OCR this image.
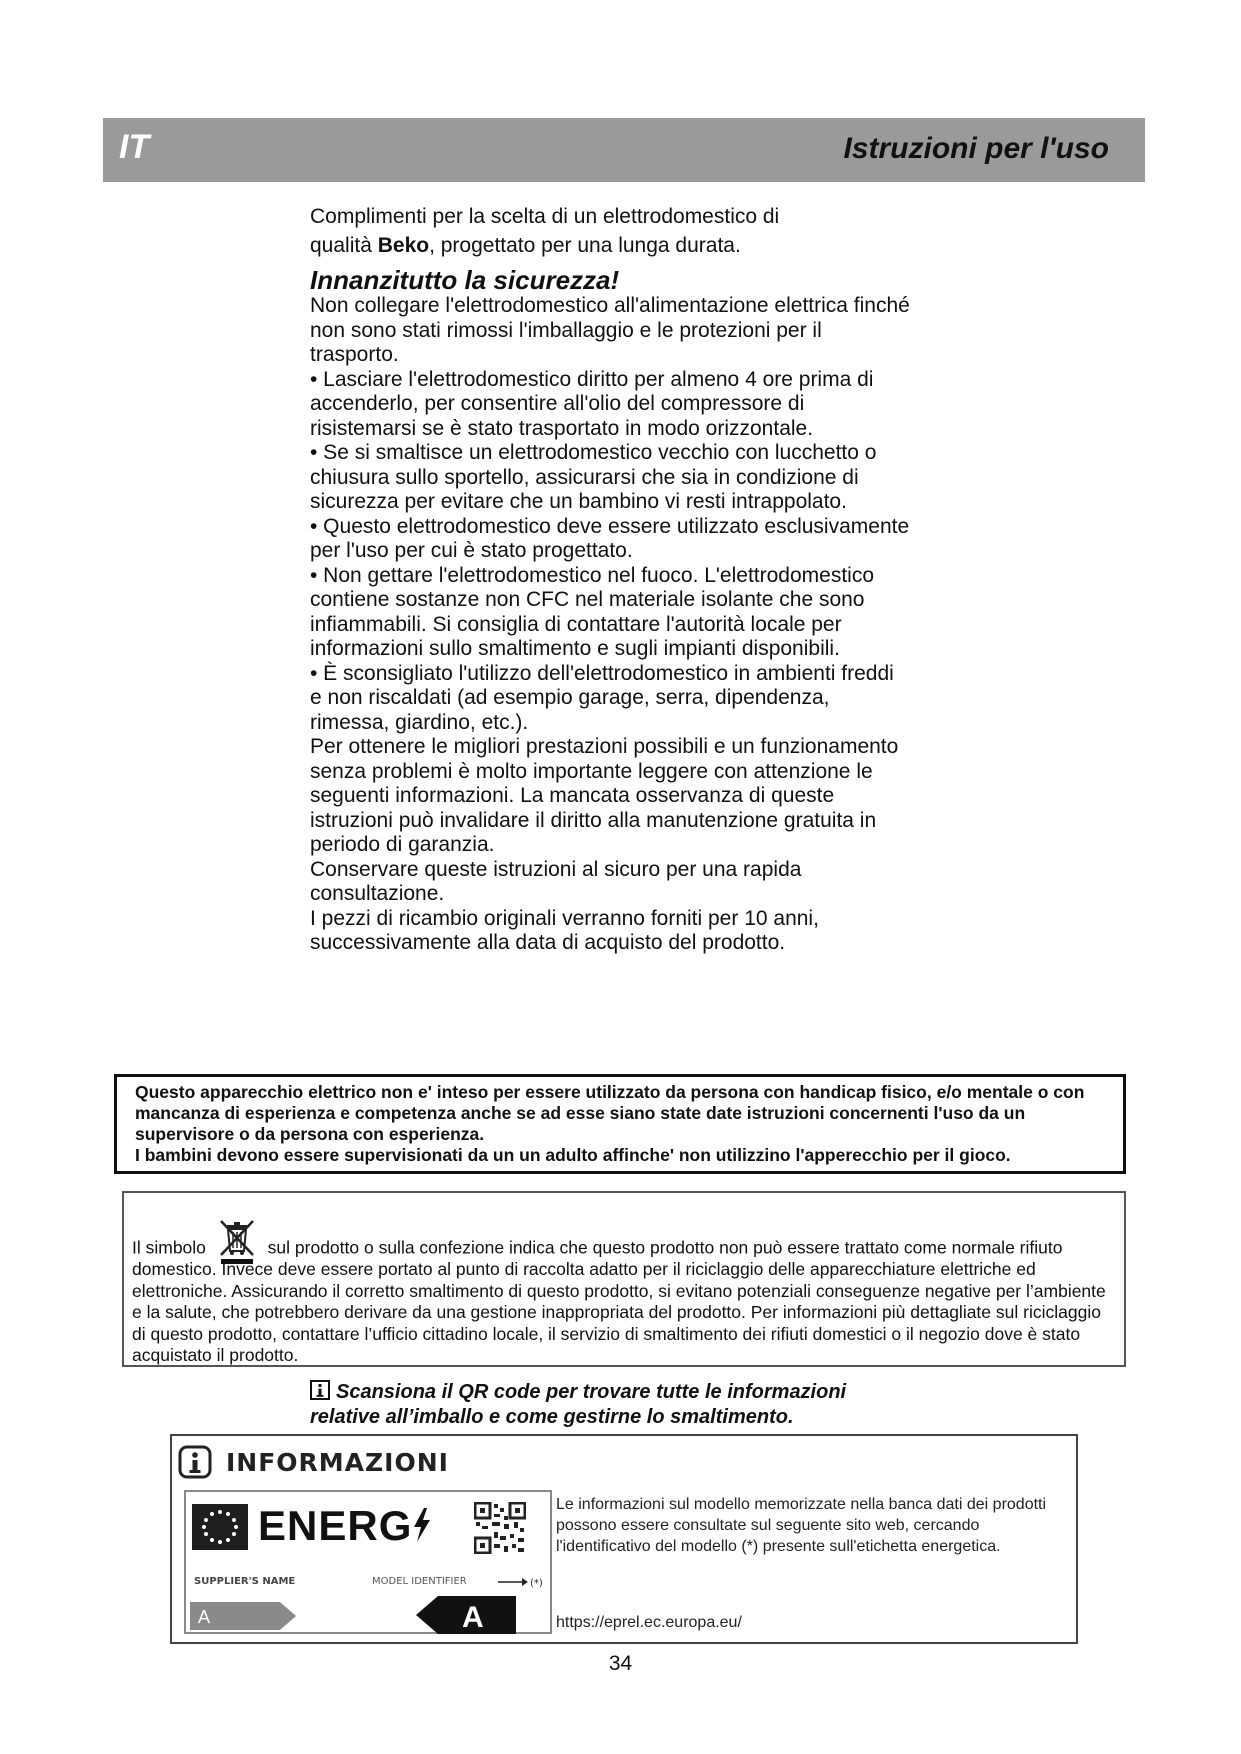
IT	Istruzioni per l'uso
Complimenti per la scelta di un elettrodomestico di
qualità Beko, progettato per una lunga durata.
Innanzitutto la sicurezza!

Non collegare l'elettrodomestico all'alimentazione elettrica finché non sono stati rimossi l'imballaggio e le protezioni per il trasporto.

• Lasciare l'elettrodomestico diritto per almeno 4 ore prima di accenderlo, per consentire all'olio del compressore di risistemarsi se è stato trasportato in modo orizzontale.

• Se si smaltisce un elettrodomestico vecchio con lucchetto o chiusura sullo sportello, assicurarsi che sia in condizione di sicurezza per evitare che un bambino vi resti intrappolato.

• Questo elettrodomestico deve essere utilizzato esclusivamente per l'uso per cui è stato progettato.

• Non gettare l'elettrodomestico nel fuoco. L'elettrodomestico contiene sostanze non CFC nel materiale isolante che sono infiammabili. Si consiglia di contattare l'autorità locale per informazioni sullo smaltimento e sugli impianti disponibili.

• È sconsigliato l'utilizzo dell'elettrodomestico in ambienti freddi e non riscaldati (ad esempio garage, serra, dipendenza, rimessa, giardino, etc.).

Per ottenere le migliori prestazioni possibili e un funzionamento senza problemi è molto importante leggere con attenzione le seguenti informazioni. La mancata osservanza di queste istruzioni può invalidare il diritto alla manutenzione gratuita in periodo di garanzia.

Conservare queste istruzioni al sicuro per una rapida consultazione.

I pezzi di ricambio originali verranno forniti per 10 anni, successivamente alla data di acquisto del prodotto.

Questo apparecchio elettrico non e' inteso per essere utilizzato da persona con handicap fisico, e/o mentale o con mancanza di esperienza e competenza anche se ad esse siano state date istruzioni concernenti l'uso da un supervisore o da persona con esperienza.

I bambini devono essere supervisionati da un un adulto affinche' non utilizzino l'apperecchio per il gioco.

Il simbolo	sul prodotto o sulla confezione indica che questo prodotto non può essere trattato come normale rifiuto domestico. Invece deve essere portato al punto di raccolta adatto per il riciclaggio delle apparecchiature elettriche ed elettroniche. Assicurando il corretto smaltimento di questo prodotto, si evitano potenziali conseguenze negative per l’ambiente e la salute, che potrebbero derivare da una gestione inappropriata del prodotto. Per informazioni più dettagliate sul riciclaggio di questo prodotto, contattare l’ufficio cittadino locale, il servizio di smaltimento dei rifiuti domestici o il negozio dove è stato acquistato il prodotto.

Scansiona il QR code per trovare tutte le informazioni
relative all’imballo e come gestirne lo smaltimento.
INFORMAZIONI
ENERG
SUPPLIER'S NAME	MODEL IDENTIFIER	(*)
A	A

Le informazioni sul modello memorizzate nella banca dati dei prodotti possono essere consultate sul seguente sito web, cercando l'identificativo del modello (*) presente sull'etichetta energetica.

https://eprel.ec.europa.eu/
34
